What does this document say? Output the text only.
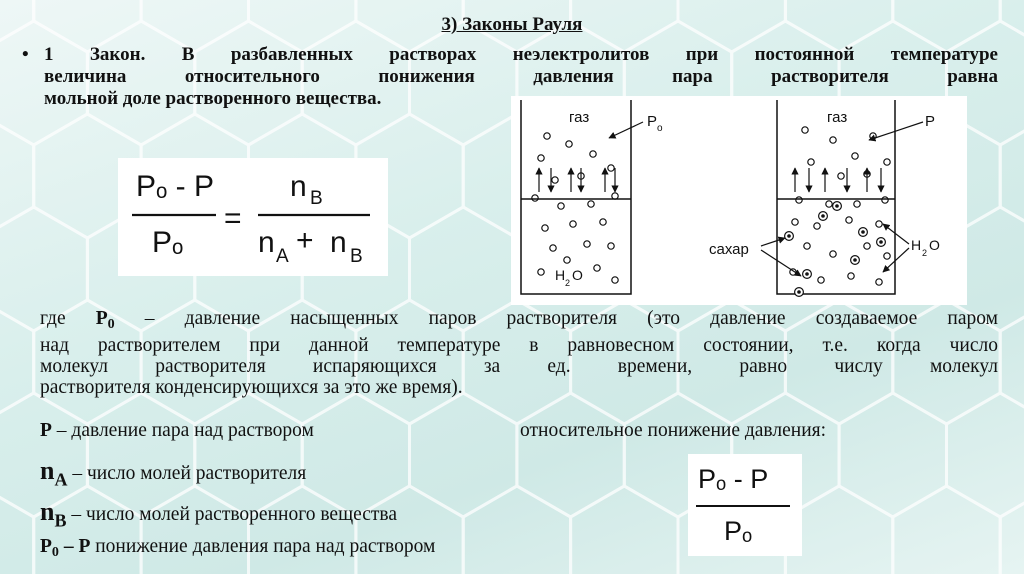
3) Законы Рауля
• 1 Закон. В разбавленных растворах неэлектролитов при постоянной температуре
величина относительного понижения давления пара растворителя равна
мольной доле растворенного вещества.
Pₒ - P
Pₒ
=
n B
n A + n B
газ	P o
H 2 O
газ	P
сахар	H 2 O
где $P_0$ – давление насыщенных паров растворителя (это давление создаваемое паром
над растворителем при данной температуре в равновесном состоянии, т.е. когда число
молекул растворителя испаряющихся за ед. времени, равно числу молекул
растворителя конденсирующихся за это же время).
P – давление пара над раствором	относительное понижение давления:
nA – число молей растворителя
nB – число молей растворенного вещества
$P_0$ – P понижение давления пара над раствором
Pₒ - P
Pₒ
